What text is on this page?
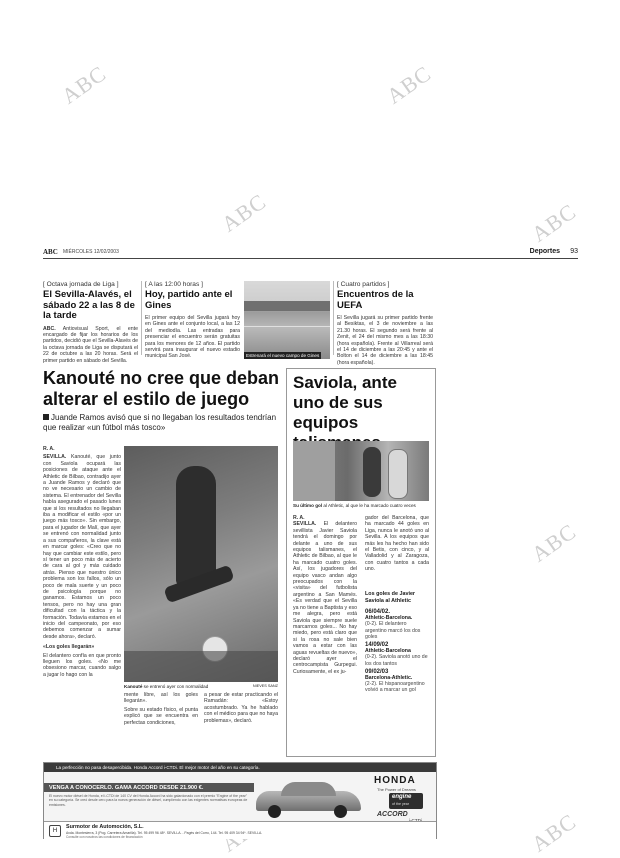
ABC	ABC
ABC	ABC
ABC
ABC
ABC MIÉRCOLES 12/02/2003	Deportes 93
[ Octava jornada de Liga ]
El Sevilla-Alavés, el sábado 22 a las 8 de la tarde
ABC. Antiovisual Sport, el ente encargado de fijar los horarios de los partidos, decidió que el Sevilla-Alavés de la octava jornada de Liga se disputará el 22 de octubre a las 20 horas. Será el primer partido en sábado del Sevilla.
[ A las 12:00 horas ]
Hoy, partido ante el Gines
El primer equipo del Sevilla jugará hoy en Gines ante el conjunto local, a las 12 del mediodía. Las entradas para presenciar el encuentro serán gratuitas para los menores de 12 años. El partido servirá para inaugurar el nuevo estadio municipal San José.	Estrenará el nuevo campo de Gines
[ Cuatro partidos ]
Encuentros de la UEFA
El Sevilla jugará su primer partido frente al Besiktas, el 3 de noviembre a las 21.30 horas. El segundo será frente al Zenit, el 24 del mismo mes a las 18:30 (hora española). Frente al Villarreal será el 14 de diciembre a las 20:45 y ante el Bolton el 14 de diciembre a las 18:45 (hora española).
Kanouté no cree que deban alterar el estilo de juego
Juande Ramos avisó que si no llegaban los resultados tendrían que realizar «un fútbol más tosco»

R. A.

SEVILLA. Kanouté, que junto con Saviola ocupará las posiciones de ataque ante el Athletic de Bilbao, contradijo ayer a Juande Ramos y declaró que no ve necesario un cambio de sistema. El entrenador del Sevilla había asegurado el pasado lunes que si los resultados no llegaban iba a modificar el estilo «por un juego más tosco». Sin embargo, para el jugador de Malí, que ayer se entrenó con normalidad junto a sus compañeros, la clave está en marcar goles: «Creo que no hay que cambiar este estilo, pero sí tener un poco más de acierto de cara al gol y más cuidado atrás. Pienso que nuestro único problema son los fallos, sólo un poco de mala suerte y un poco de psicología porque no ganamos. Estamos un poco tensos, pero no hay una gran dificultad con la táctica y la formación. Todavía estamos en el inicio del campeonato, por eso debemos comenzar a sumar desde ahora», declaró.

«Los goles llegarán»

El delantero confía en que pronto lleguen los goles. «No me obsesiono marcar, cuando salgo a jugar lo hago con la

Kanouté se entrenó ayer con normalidad	NIEVES SANZ
mente libre, así los goles llegarán».
Sobre su estado físico, el punta explicó que se encuentra en perfectas condiciones,
a pesar de estar practicando el Ramadán: «Estoy acostumbrado. Ya he hablado con el médico para que no haya problemas», declaró.
Saviola, ante uno de sus equipos
Su último gol al Athletic, al que le ha marcado cuatro veces
R. A.
SEVILLA. El delantero sevillista Javier Saviola tendrá el domingo por delante a uno de sus equipos talismanes, el Athletic de Bilbao, al que le ha marcado cuatro goles. Así, los jugadores del equipo vasco andan algo preocupados con la «visita» del futbolista argentino a San Mamés. «Es verdad que el Sevilla ya no tiene a Baptista y eso me alegra, pero está Saviola que siempre suele marcarnos goles... No hay miedo, pero está claro que si la rosa no sale bien vamos a estar con las aguas revueltas de nuevo», declaró ayer el centrocampista Gurpegui. Curiosamente, el ex ju-
gador del Barcelona, que ha marcado 44 goles en Liga, nunca le anotó uno al Sevilla. A los equipos que más les ha hecho han sido el Betis, con cinco, y al Valladolid y al Zaragoza, con cuatro tantos a cada uno.
Los goles de Javier Saviola al Athletic
06/04/02.
Athletic-Barcelona.
(0-2). El delantero argentino marcó los dos goles
14/09/02
Athletic-Barcelona
(0-2). Saviola anotó uno de los dos tantos
09/02/03
Barcelona-Athletic.
(2-2). El hispanoargentino volvió a marcar un gol
La perfección no pasa desapercibida. Honda Accord i-CTDi. El mejor motor del año en su categoría.
VENGA A CONOCERLO. GAMA ACCORD DESDE 21.900 €.
El nuevo motor diésel de Honda, el i-CTDi de 140 CV del Honda Accord ha sido galardonado con el premio "Engine of the year" en su categoría. Se creó desde cero para la nueva generación de diésel, cumpliendo con las exigentes normativas europeas de emisiones.
HONDA
The Power of Dreams
engine
of the year
ACCORD
H
Surmotor de Automoción, S.L.
Avda. Montesierra, 3 (Pog. Carretera Amarilla). Tel. 95 499 96 48*. SEVILLA. - Pagés del Corro, 144. Tel. 95 409 34 94*. SEVILLA.
Consulte con nosotros las condiciones de financiación
